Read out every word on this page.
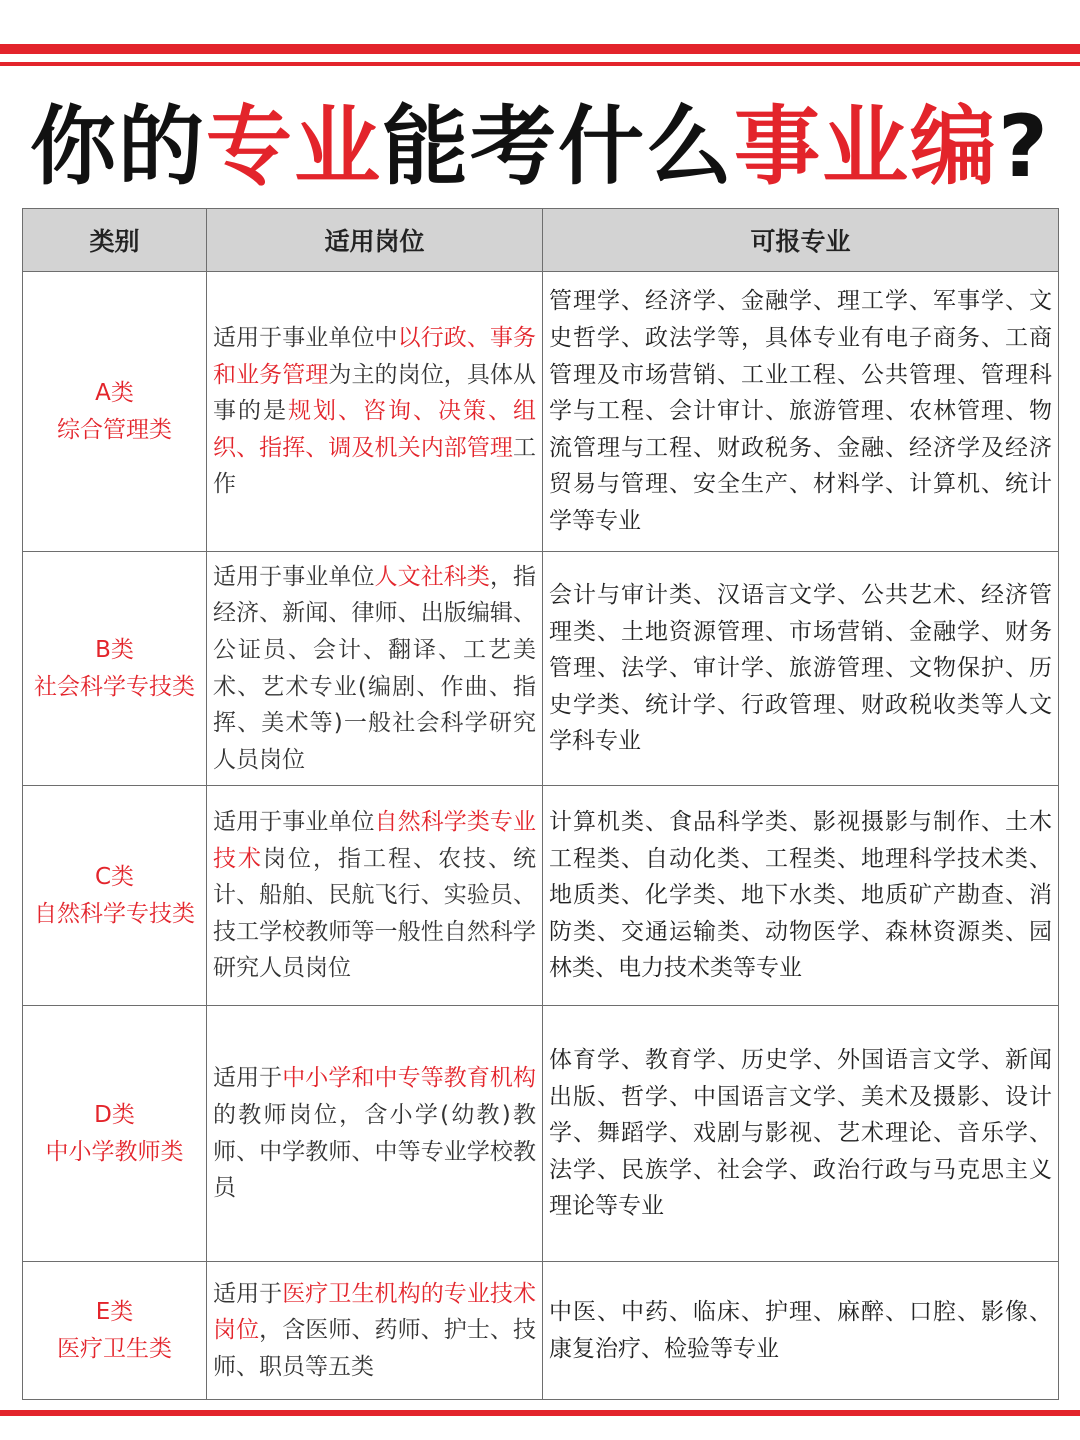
你的专业能考什么事业编?
类别	适用岗位	可报专业

A类
综合管理类	适用于事业单位中以行政、事务和业务管理为主的岗位，具体从事的是规划、咨询、决策、组织、指挥、调及机关内部管理工作	管理学、经济学、金融学、理工学、军事学、文史哲学、政法学等，具体专业有电子商务、工商管理及市场营销、工业工程、公共管理、管理科学与工程、会计审计、旅游管理、农林管理、物流管理与工程、财政税务、金融、经济学及经济贸易与管理、安全生产、材料学、计算机、统计学等专业

B类
社会科学专技类	适用于事业单位人文社科类，指经济、新闻、律师、出版编辑、公证员、会计、翻译、工艺美术、艺术专业(编剧、作曲、指挥、美术等)一般社会科学研究人员岗位	会计与审计类、汉语言文学、公共艺术、经济管理类、土地资源管理、市场营销、金融学、财务管理、法学、审计学、旅游管理、文物保护、历史学类、统计学、行政管理、财政税收类等人文学科专业

C类
自然科学专技类	适用于事业单位自然科学类专业技术岗位，指工程、农技、统计、船舶、民航飞行、实验员、技工学校教师等一般性自然科学研究人员岗位	计算机类、食品科学类、影视摄影与制作、土木工程类、自动化类、工程类、地理科学技术类、地质类、化学类、地下水类、地质矿产勘查、消防类、交通运输类、动物医学、森林资源类、园林类、电力技术类等专业

D类
中小学教师类	适用于中小学和中专等教育机构的教师岗位，含小学(幼教)教师、中学教师、中等专业学校教员	体育学、教育学、历史学、外国语言文学、新闻出版、哲学、中国语言文学、美术及摄影、设计学、舞蹈学、戏剧与影视、艺术理论、音乐学、法学、民族学、社会学、政治行政与马克思主义理论等专业

E类
医疗卫生类	适用于医疗卫生机构的专业技术岗位，含医师、药师、护士、技师、职员等五类	中医、中药、临床、护理、麻醉、口腔、影像、康复治疗、检验等专业
